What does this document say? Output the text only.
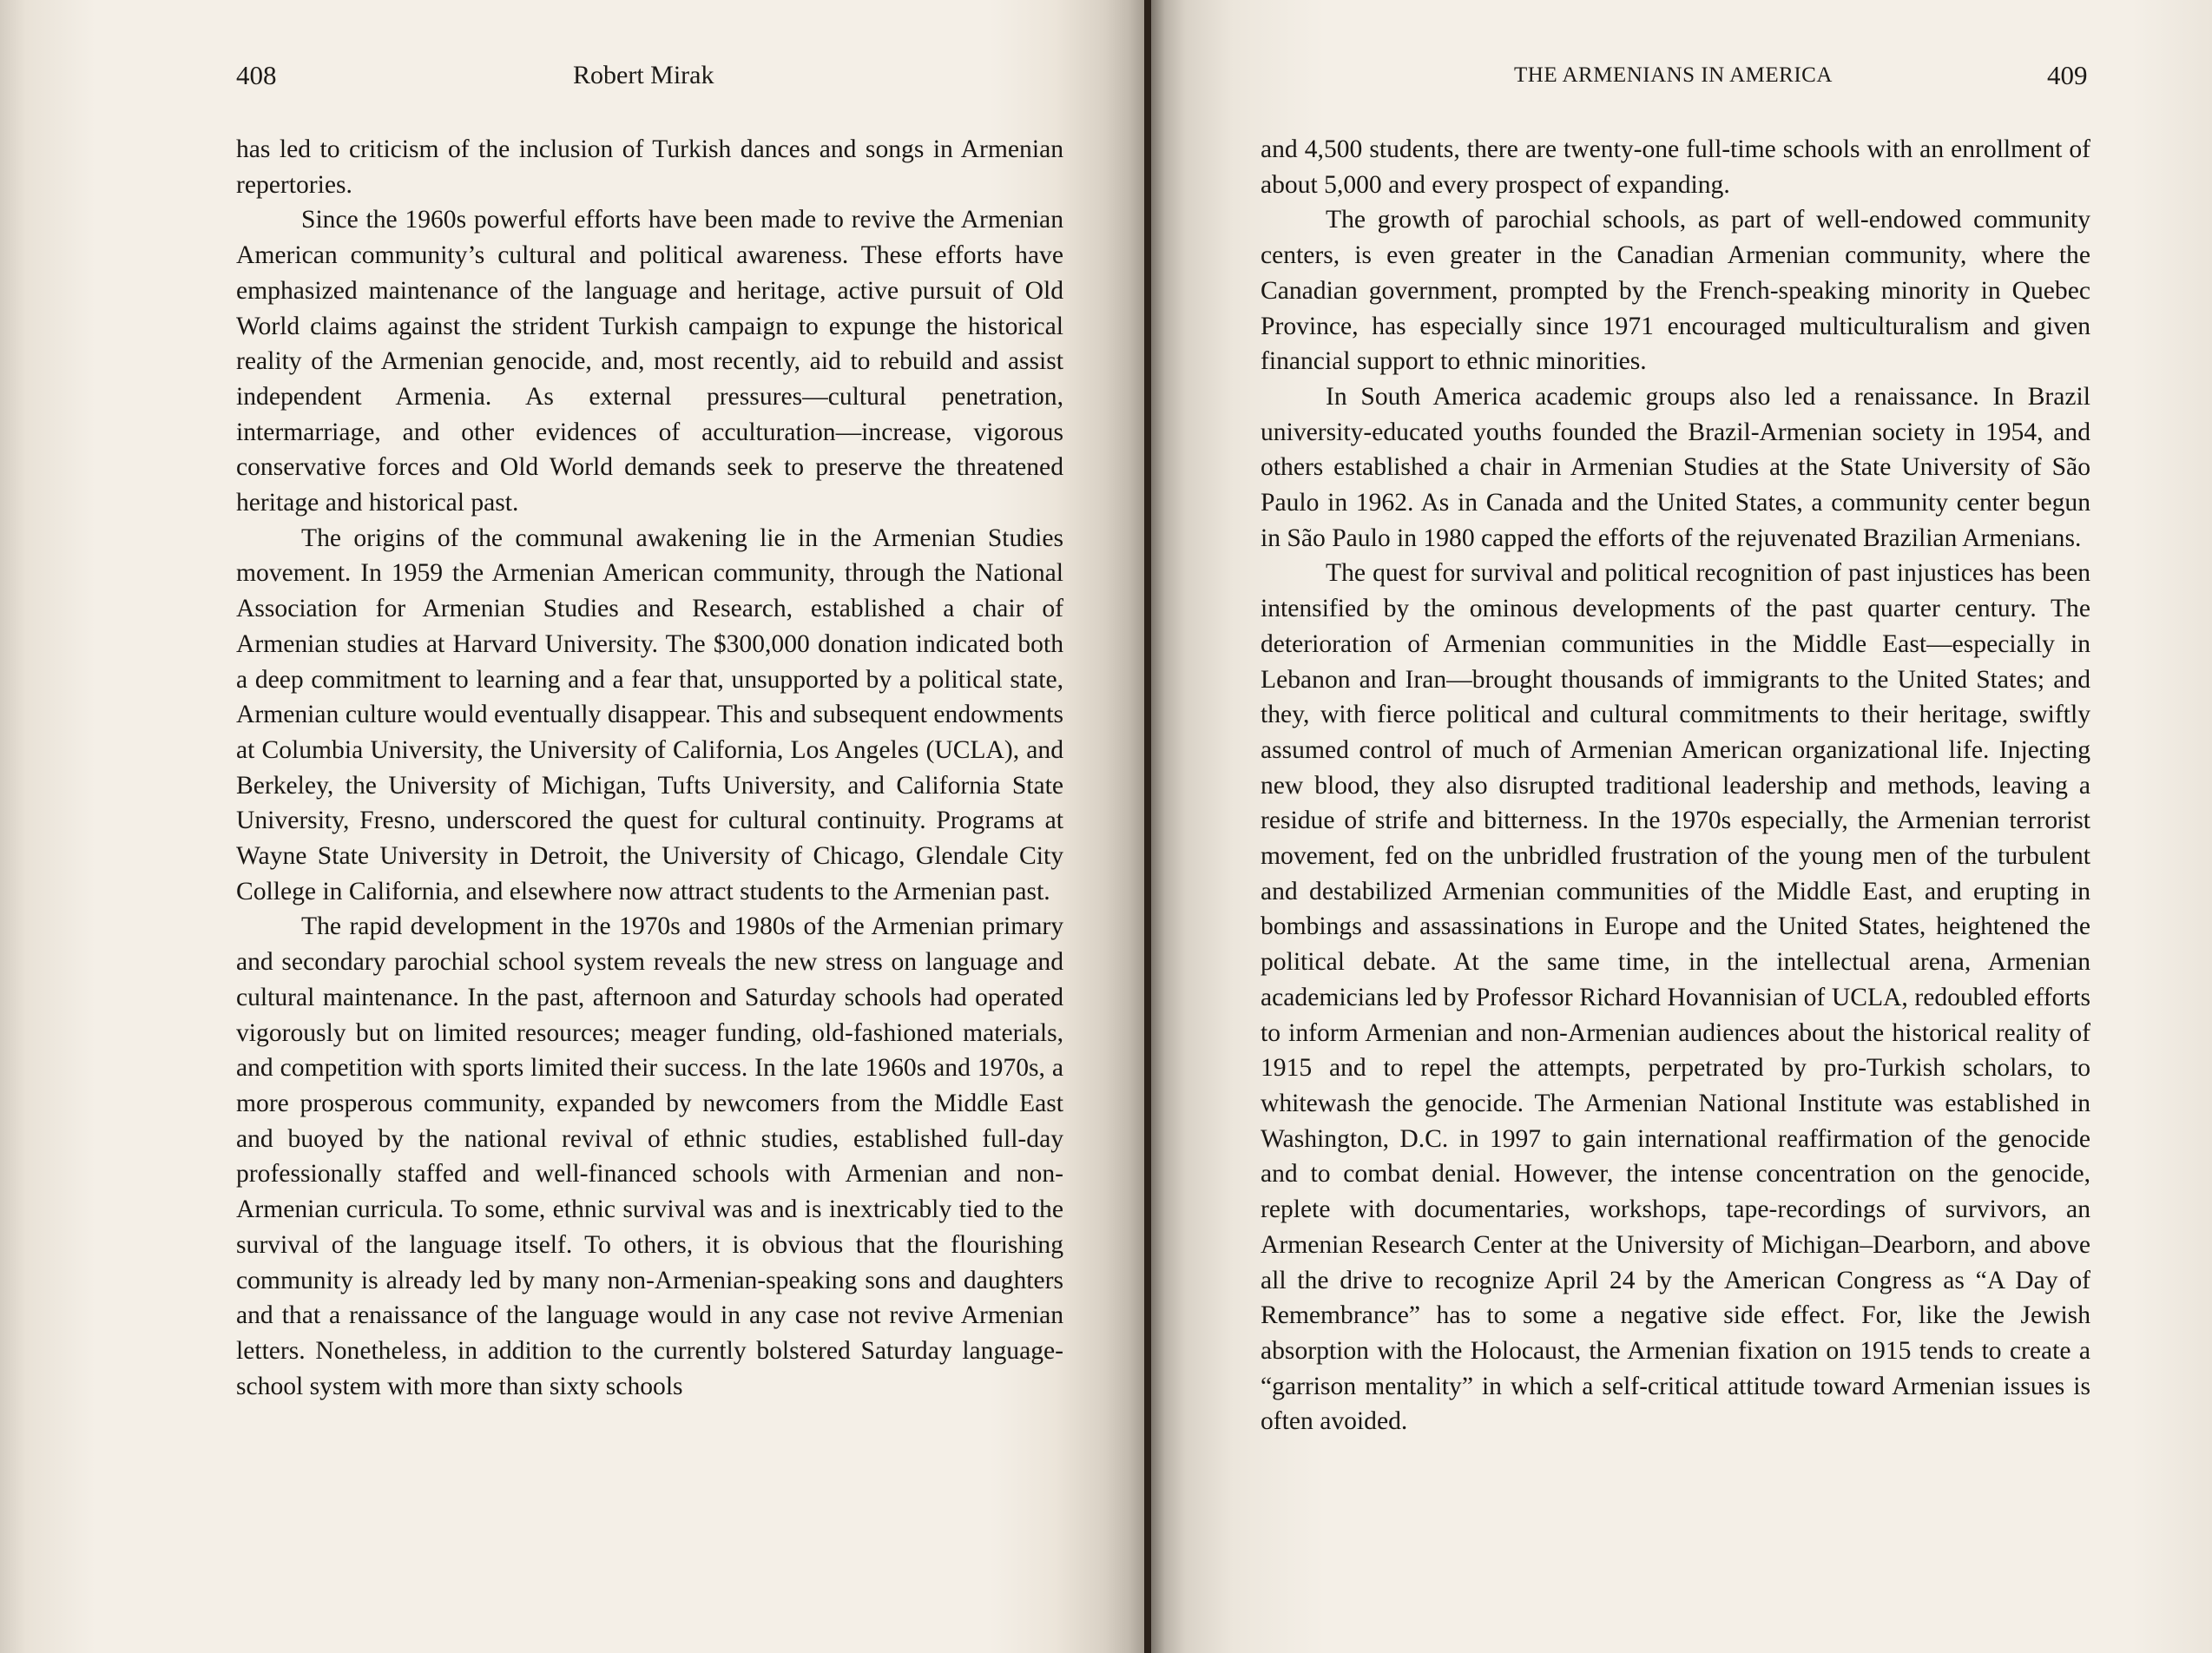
408	Robert Mirak

has led to criticism of the inclusion of Turkish dances and songs in Armenian repertories.

Since the 1960s powerful efforts have been made to revive the Armenian American community’s cultural and political awareness. These efforts have emphasized maintenance of the language and heritage, active pursuit of Old World claims against the strident Turkish campaign to expunge the historical reality of the Armenian genocide, and, most recently, aid to rebuild and assist independent Armenia. As external pressures—cultural penetration, intermarriage, and other evidences of acculturation—increase, vigorous conservative forces and Old World demands seek to preserve the threatened heritage and historical past.

The origins of the communal awakening lie in the Armenian Studies movement. In 1959 the Armenian American community, through the National Association for Armenian Studies and Research, established a chair of Armenian studies at Harvard University. The $300,000 donation indicated both a deep commitment to learning and a fear that, unsupported by a political state, Armenian culture would eventually disappear. This and subsequent endowments at Columbia University, the University of California, Los Angeles (UCLA), and Berkeley, the University of Michigan, Tufts University, and California State University, Fresno, underscored the quest for cultural continuity. Programs at Wayne State University in Detroit, the University of Chicago, Glendale City College in California, and elsewhere now attract students to the Armenian past.

The rapid development in the 1970s and 1980s of the Armenian primary and secondary parochial school system reveals the new stress on language and cultural maintenance. In the past, afternoon and Saturday schools had operated vigorously but on limited resources; meager funding, old-fashioned materials, and competition with sports limited their success. In the late 1960s and 1970s, a more prosperous community, expanded by newcomers from the Middle East and buoyed by the national revival of ethnic studies, established full-day professionally staffed and well-financed schools with Armenian and non-Armenian curricula. To some, ethnic survival was and is inextricably tied to the survival of the language itself. To others, it is obvious that the flourishing community is already led by many non-Armenian-speaking sons and daughters and that a renaissance of the language would in any case not revive Armenian letters. Nonetheless, in addition to the currently bolstered Saturday language-school system with more than sixty schools

THE ARMENIANS IN AMERICA	409

and 4,500 students, there are twenty-one full-time schools with an enrollment of about 5,000 and every prospect of expanding.

The growth of parochial schools, as part of well-endowed community centers, is even greater in the Canadian Armenian community, where the Canadian government, prompted by the French-speaking minority in Quebec Province, has especially since 1971 encouraged multiculturalism and given financial support to ethnic minorities.

In South America academic groups also led a renaissance. In Brazil university-educated youths founded the Brazil-Armenian society in 1954, and others established a chair in Armenian Studies at the State University of São Paulo in 1962. As in Canada and the United States, a community center begun in São Paulo in 1980 capped the efforts of the rejuvenated Brazilian Armenians.

The quest for survival and political recognition of past injustices has been intensified by the ominous developments of the past quarter century. The deterioration of Armenian communities in the Middle East—especially in Lebanon and Iran—brought thousands of immigrants to the United States; and they, with fierce political and cultural commitments to their heritage, swiftly assumed control of much of Armenian American organizational life. Injecting new blood, they also disrupted traditional leadership and methods, leaving a residue of strife and bitterness. In the 1970s especially, the Armenian terrorist movement, fed on the unbridled frustration of the young men of the turbulent and destabilized Armenian communities of the Middle East, and erupting in bombings and assassinations in Europe and the United States, heightened the political debate. At the same time, in the intellectual arena, Armenian academicians led by Professor Richard Hovannisian of UCLA, redoubled efforts to inform Armenian and non-Armenian audiences about the historical reality of 1915 and to repel the attempts, perpetrated by pro-Turkish scholars, to whitewash the genocide. The Armenian National Institute was established in Washington, D.C. in 1997 to gain international reaffirmation of the genocide and to combat denial. However, the intense concentration on the genocide, replete with documentaries, workshops, tape-recordings of survivors, an Armenian Research Center at the University of Michigan–Dearborn, and above all the drive to recognize April 24 by the American Congress as “A Day of Remembrance” has to some a negative side effect. For, like the Jewish absorption with the Holocaust, the Armenian fixation on 1915 tends to create a “garrison mentality” in which a self-critical attitude toward Armenian issues is often avoided.
